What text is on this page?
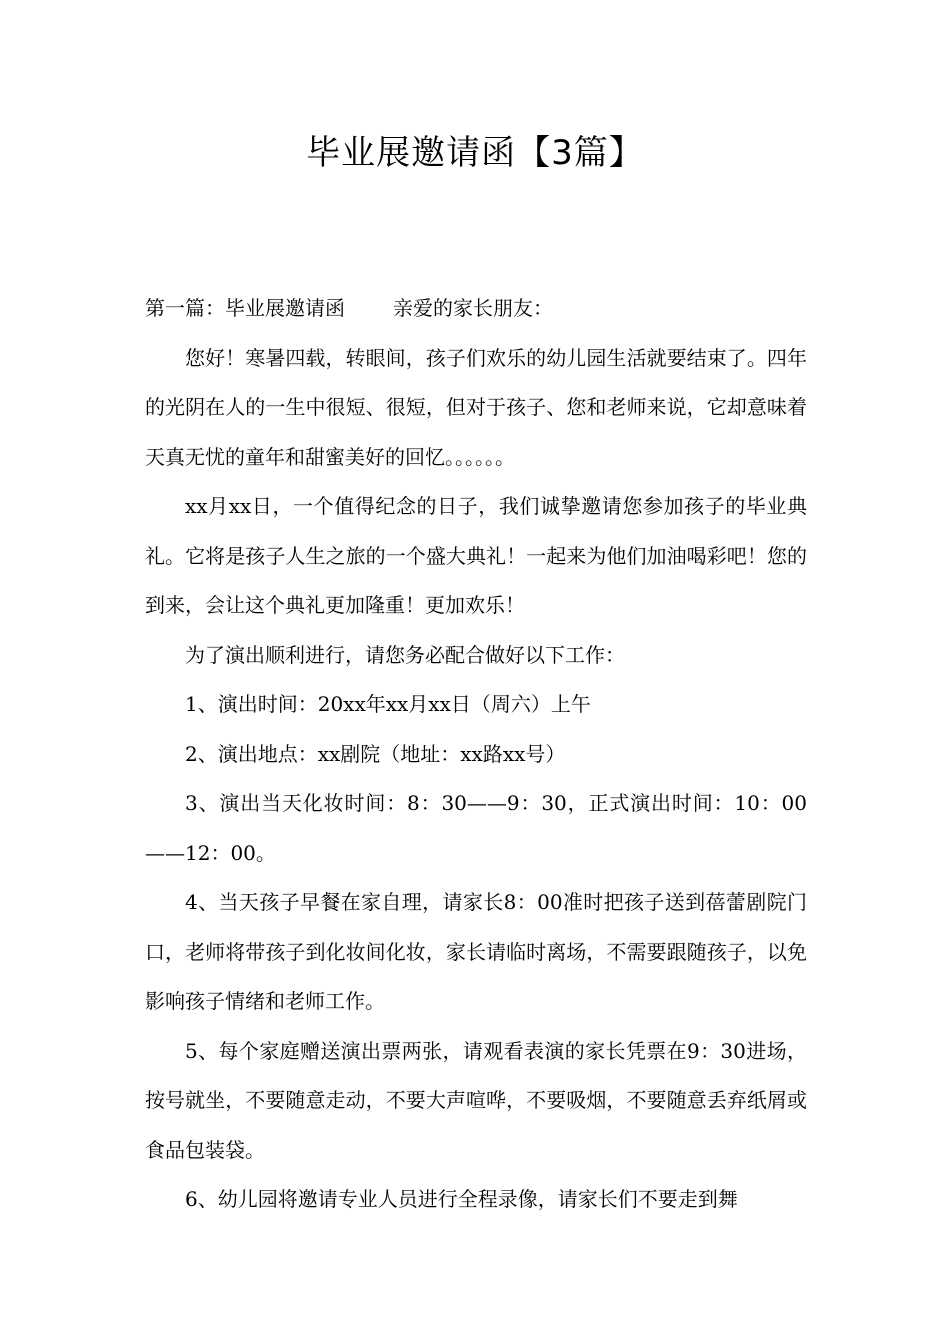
毕业展邀请函【3篇】

第一篇：毕业展邀请函 亲爱的家长朋友：

您好！寒暑四载，转眼间，孩子们欢乐的幼儿园生活就要结束了。四年的光阴在人的一生中很短、很短，但对于孩子、您和老师来说，它却意味着天真无忧的童年和甜蜜美好的回忆。。。。。。

xx月xx日，一个值得纪念的日子，我们诚挚邀请您参加孩子的毕业典礼。它将是孩子人生之旅的一个盛大典礼！一起来为他们加油喝彩吧！您的到来，会让这个典礼更加隆重！更加欢乐！

为了演出顺利进行，请您务必配合做好以下工作：

1、演出时间：20xx年xx月xx日（周六）上午

2、演出地点：xx剧院（地址：xx路xx号）

3、演出当天化妆时间：8：30——9：30，正式演出时间：10：00——12：00。

4、当天孩子早餐在家自理，请家长8：00准时把孩子送到蓓蕾剧院门口，老师将带孩子到化妆间化妆，家长请临时离场，不需要跟随孩子，以免影响孩子情绪和老师工作。

5、每个家庭赠送演出票两张，请观看表演的家长凭票在9：30进场，按号就坐，不要随意走动，不要大声喧哗，不要吸烟，不要随意丢弃纸屑或食品包装袋。

6、幼儿园将邀请专业人员进行全程录像，请家长们不要走到舞
